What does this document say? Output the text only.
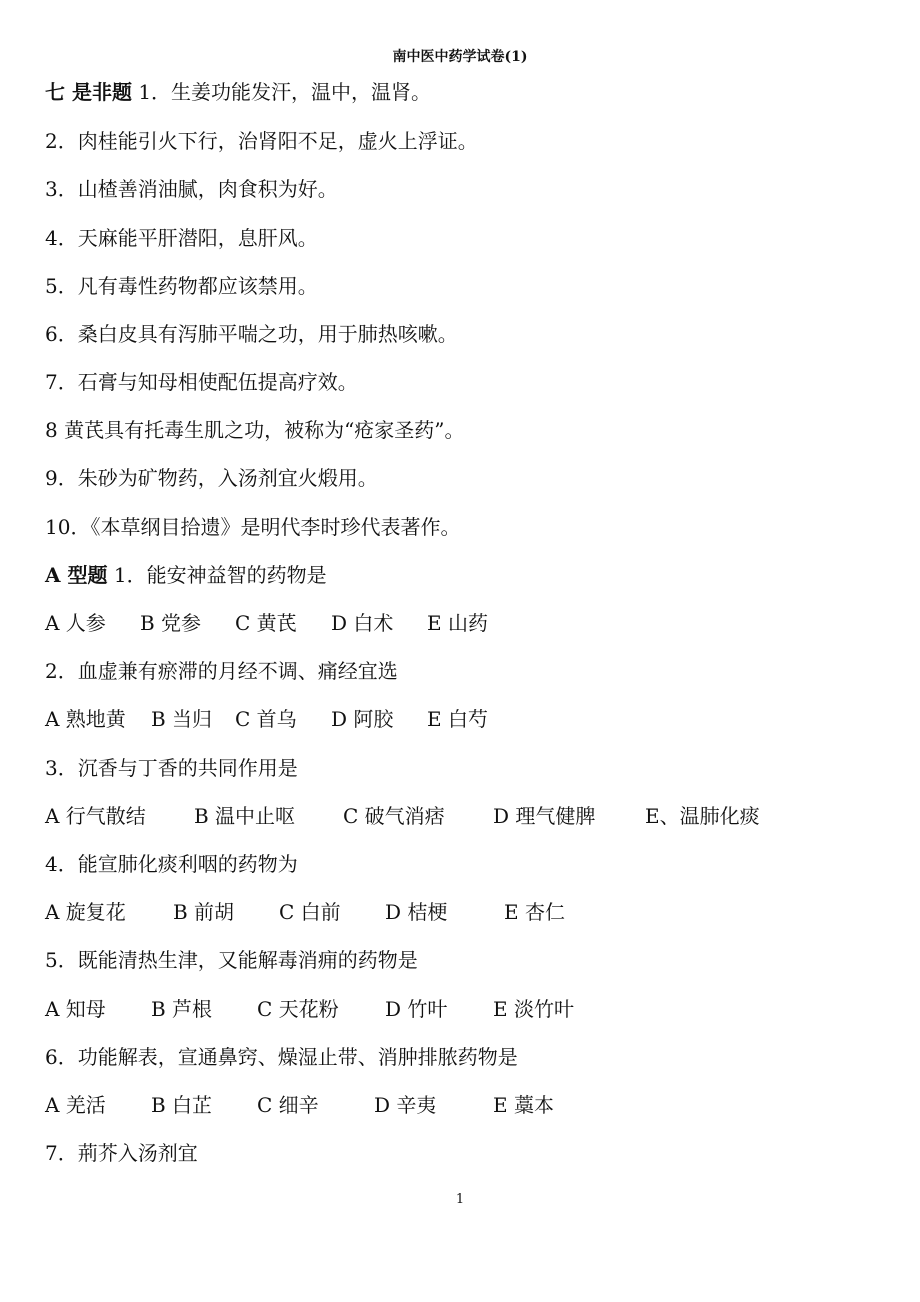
南中医中药学试卷(1)
七 是非题 1．生姜功能发汗，温中，温肾。
2．肉桂能引火下行，治肾阳不足，虚火上浮证。
3．山楂善消油腻，肉食积为好。
4．天麻能平肝潜阳，息肝风。
5．凡有毒性药物都应该禁用。
6．桑白皮具有泻肺平喘之功，用于肺热咳嗽。
7．石膏与知母相使配伍提高疗效。
8 黄芪具有托毒生肌之功，被称为“疮家圣药”。
9．朱砂为矿物药，入汤剂宜火煅用。
10．《本草纲目拾遗》是明代李时珍代表著作。
A 型题 1．能安神益智的药物是
A 人参 B 党参 C 黄芪 D 白术 E 山药
2．血虚兼有瘀滞的月经不调、痛经宜选
A 熟地黄 B 当归 C 首乌 D 阿胶 E 白芍
3．沉香与丁香的共同作用是
A 行气散结 B 温中止呕 C 破气消痞 D 理气健脾 E、温肺化痰
4．能宣肺化痰利咽的药物为
A 旋复花 B 前胡 C 白前 D 桔梗	E 杏仁
5．既能清热生津，又能解毒消痈的药物是
A 知母 B 芦根 C 天花粉 D 竹叶 E 淡竹叶
6．功能解表，宣通鼻窍、燥湿止带、消肿排脓药物是
A 羌活 B 白芷 C 细辛	D 辛夷	E 藁本
7．荊芥入汤剂宜
1
